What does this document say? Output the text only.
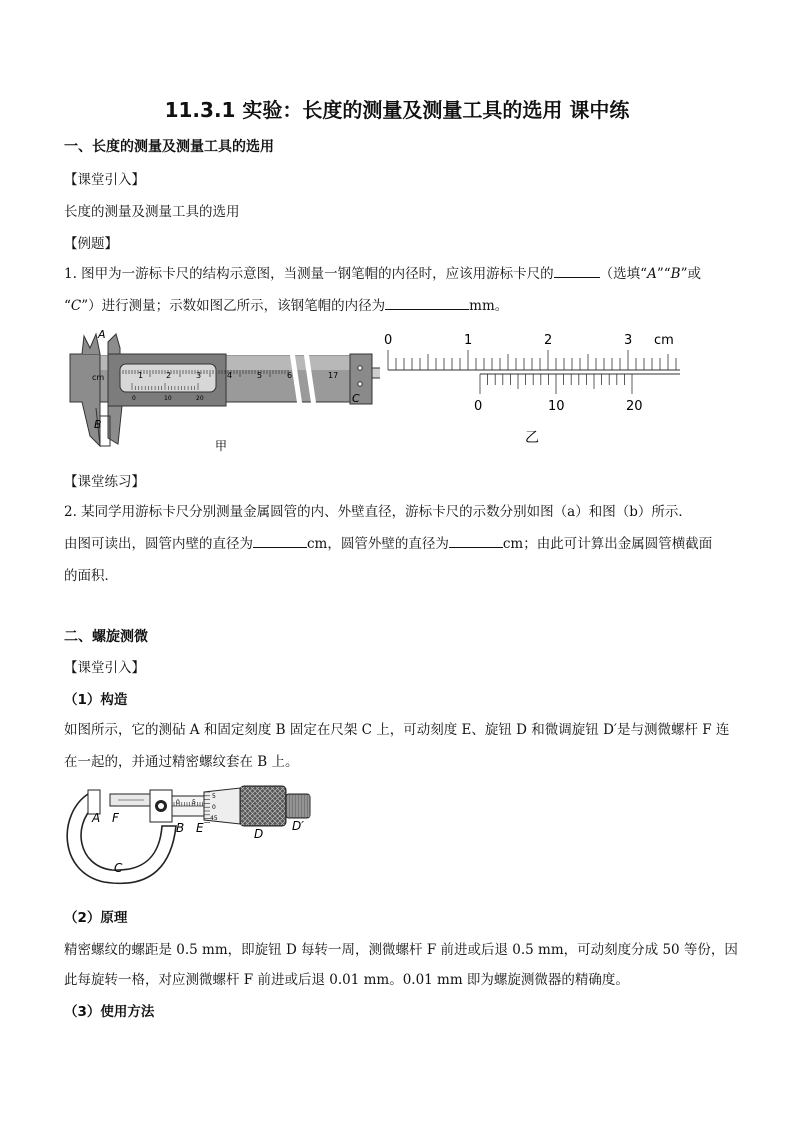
11.3.1 实验：长度的测量及测量工具的选用 课中练
一、长度的测量及测量工具的选用
【课堂引入】
长度的测量及测量工具的选用
【例题】
1. 图甲为一游标卡尺的结构示意图，当测量一钢笔帽的内径时，应该用游标卡尺的	（选填“A”“B”或
“C”）进行测量；示数如图乙所示，该钢笔帽的内径为	mm。
cm	1	2	3	4	5	6	17
0	10	20
A
B
C
甲
0	1	2	3 cm
0	10	20
乙
【课堂练习】
2. 某同学用游标卡尺分别测量金属圆管的内、外壁直径，游标卡尺的示数分别如图（a）和图（b）所示．
由图可读出，圆管内壁的直径为	cm，圆管外壁的直径为	cm；由此可计算出金属圆管横截面
的面积．
二、螺旋测微
【课堂引入】
（1）构造
如图所示，它的测砧 A 和固定刻度 B 固定在尺架 C 上，可动刻度 E、旋钮 D 和微调旋钮 D′是与测微螺杆 F 连
在一起的，并通过精密螺纹套在 B 上。
0 5
5
0
45
A F
B E	D
D′
C
（2）原理
精密螺纹的螺距是 0.5 mm，即旋钮 D 每转一周，测微螺杆 F 前进或后退 0.5 mm，可动刻度分成 50 等份，因
此每旋转一格，对应测微螺杆 F 前进或后退 0.01 mm。0.01 mm 即为螺旋测微器的精确度。
（3）使用方法
